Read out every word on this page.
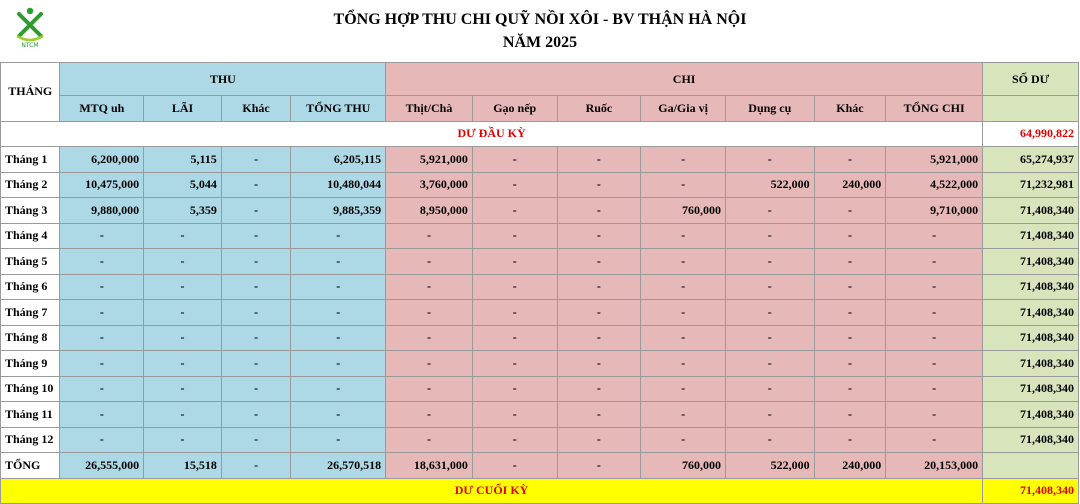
NTCM
TỔNG HỢP THU CHI QUỸ NỒI XÔI - BV THẬN HÀ NỘI
NĂM 2025
THÁNG	THU				CHI							SỐ DƯ
	MTQ uh	LÃI	Khác	TỔNG THU	Thịt/Chà	Gạo nếp	Ruốc	Ga/Gia vị	Dụng cụ	Khác	TỔNG CHI	
DƯ ĐẦU KỲ												64,990,822
Tháng 1	6,200,000	5,115	-	6,205,115	5,921,000	-	-	-	-	-	5,921,000	65,274,937
Tháng 2	10,475,000	5,044	-	10,480,044	3,760,000	-	-	-	522,000	240,000	4,522,000	71,232,981
Tháng 3	9,880,000	5,359	-	9,885,359	8,950,000	-	-	760,000	-	-	9,710,000	71,408,340
Tháng 4	-	-	-	-	-	-	-	-	-	-	-	71,408,340
Tháng 5	-	-	-	-	-	-	-	-	-	-	-	71,408,340
Tháng 6	-	-	-	-	-	-	-	-	-	-	-	71,408,340
Tháng 7	-	-	-	-	-	-	-	-	-	-	-	71,408,340
Tháng 8	-	-	-	-	-	-	-	-	-	-	-	71,408,340
Tháng 9	-	-	-	-	-	-	-	-	-	-	-	71,408,340
Tháng 10	-	-	-	-	-	-	-	-	-	-	-	71,408,340
Tháng 11	-	-	-	-	-	-	-	-	-	-	-	71,408,340
Tháng 12	-	-	-	-	-	-	-	-	-	-	-	71,408,340
TỔNG	26,555,000	15,518	-	26,570,518	18,631,000	-	-	760,000	522,000	240,000	20,153,000	
DƯ CUỐI KỲ												71,408,340
